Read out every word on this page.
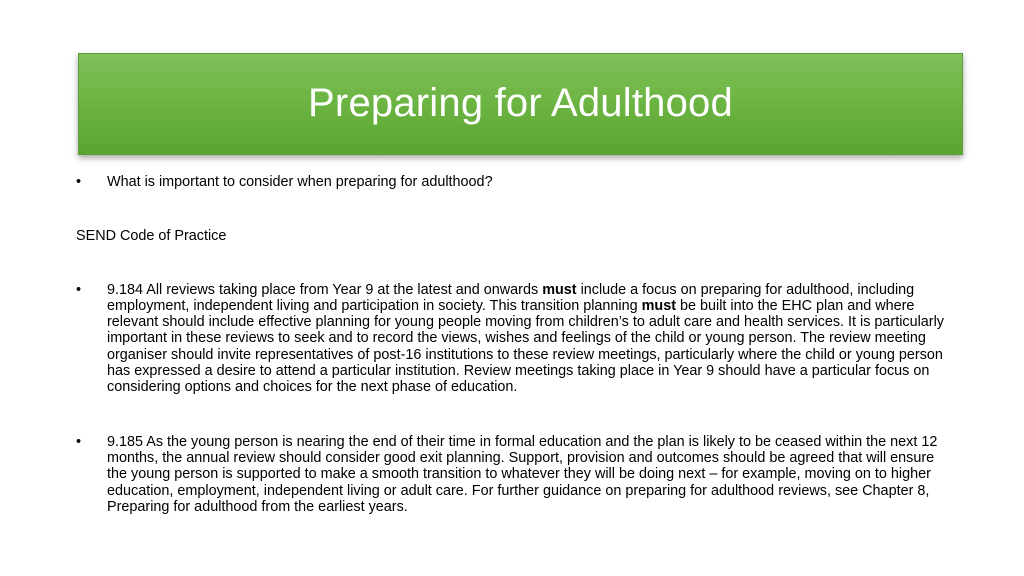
Preparing for Adulthood
•	What is important to consider when preparing for adulthood?
SEND Code of Practice
•	9.184 All reviews taking place from Year 9 at the latest and onwards must include a focus on preparing for adulthood, including employment, independent living and participation in society. This transition planning must be built into the EHC plan and where relevant should include effective planning for young people moving from children’s to adult care and health services. It is particularly important in these reviews to seek and to record the views, wishes and feelings of the child or young person. The review meeting organiser should invite representatives of post-16 institutions to these review meetings, particularly where the child or young person has expressed a desire to attend a particular institution. Review meetings taking place in Year 9 should have a particular focus on considering options and choices for the next phase of education.
•	9.185 As the young person is nearing the end of their time in formal education and the plan is likely to be ceased within the next 12 months, the annual review should consider good exit planning. Support, provision and outcomes should be agreed that will ensure the young person is supported to make a smooth transition to whatever they will be doing next – for example, moving on to higher education, employment, independent living or adult care. For further guidance on preparing for adulthood reviews, see Chapter 8, Preparing for adulthood from the earliest years.
